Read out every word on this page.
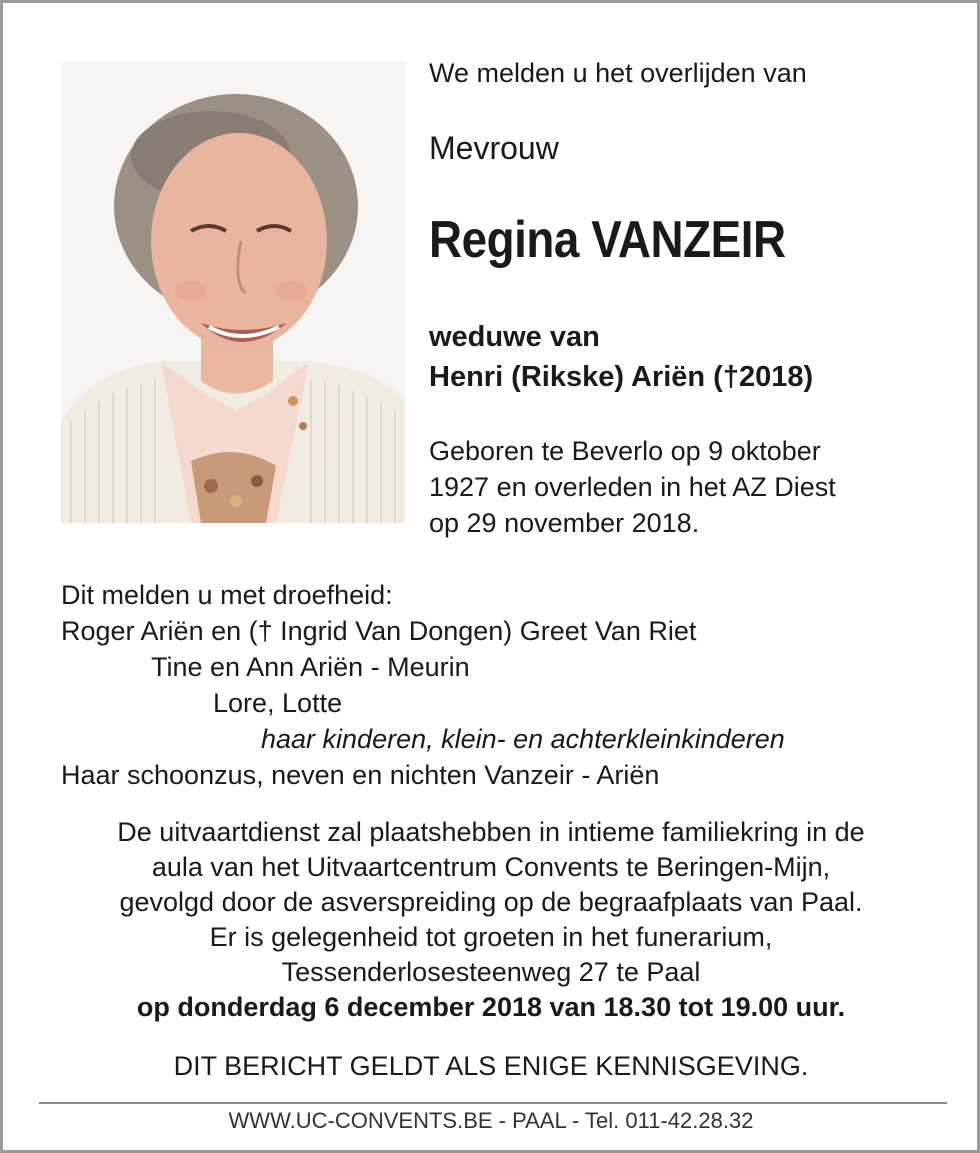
We melden u het overlijden van
Mevrouw
Regina VANZEIR
weduwe van
Henri (Rikske) Ariën (†2018)
Geboren te Beverlo op 9 oktober
1927 en overleden in het AZ Diest
op 29 november 2018.
Dit melden u met droefheid:
Roger Ariën en († Ingrid Van Dongen) Greet Van Riet
Tine en Ann Ariën - Meurin
Lore, Lotte
haar kinderen, klein- en achterkleinkinderen
Haar schoonzus, neven en nichten Vanzeir - Ariën
De uitvaartdienst zal plaatshebben in intieme familiekring in de
aula van het Uitvaartcentrum Convents te Beringen-Mijn,
gevolgd door de asverspreiding op de begraafplaats van Paal.
Er is gelegenheid tot groeten in het funerarium,
Tessenderlosesteenweg 27 te Paal
op donderdag 6 december 2018 van 18.30 tot 19.00 uur.
DIT BERICHT GELDT ALS ENIGE KENNISGEVING.
WWW.UC-CONVENTS.BE - PAAL - Tel. 011-42.28.32
